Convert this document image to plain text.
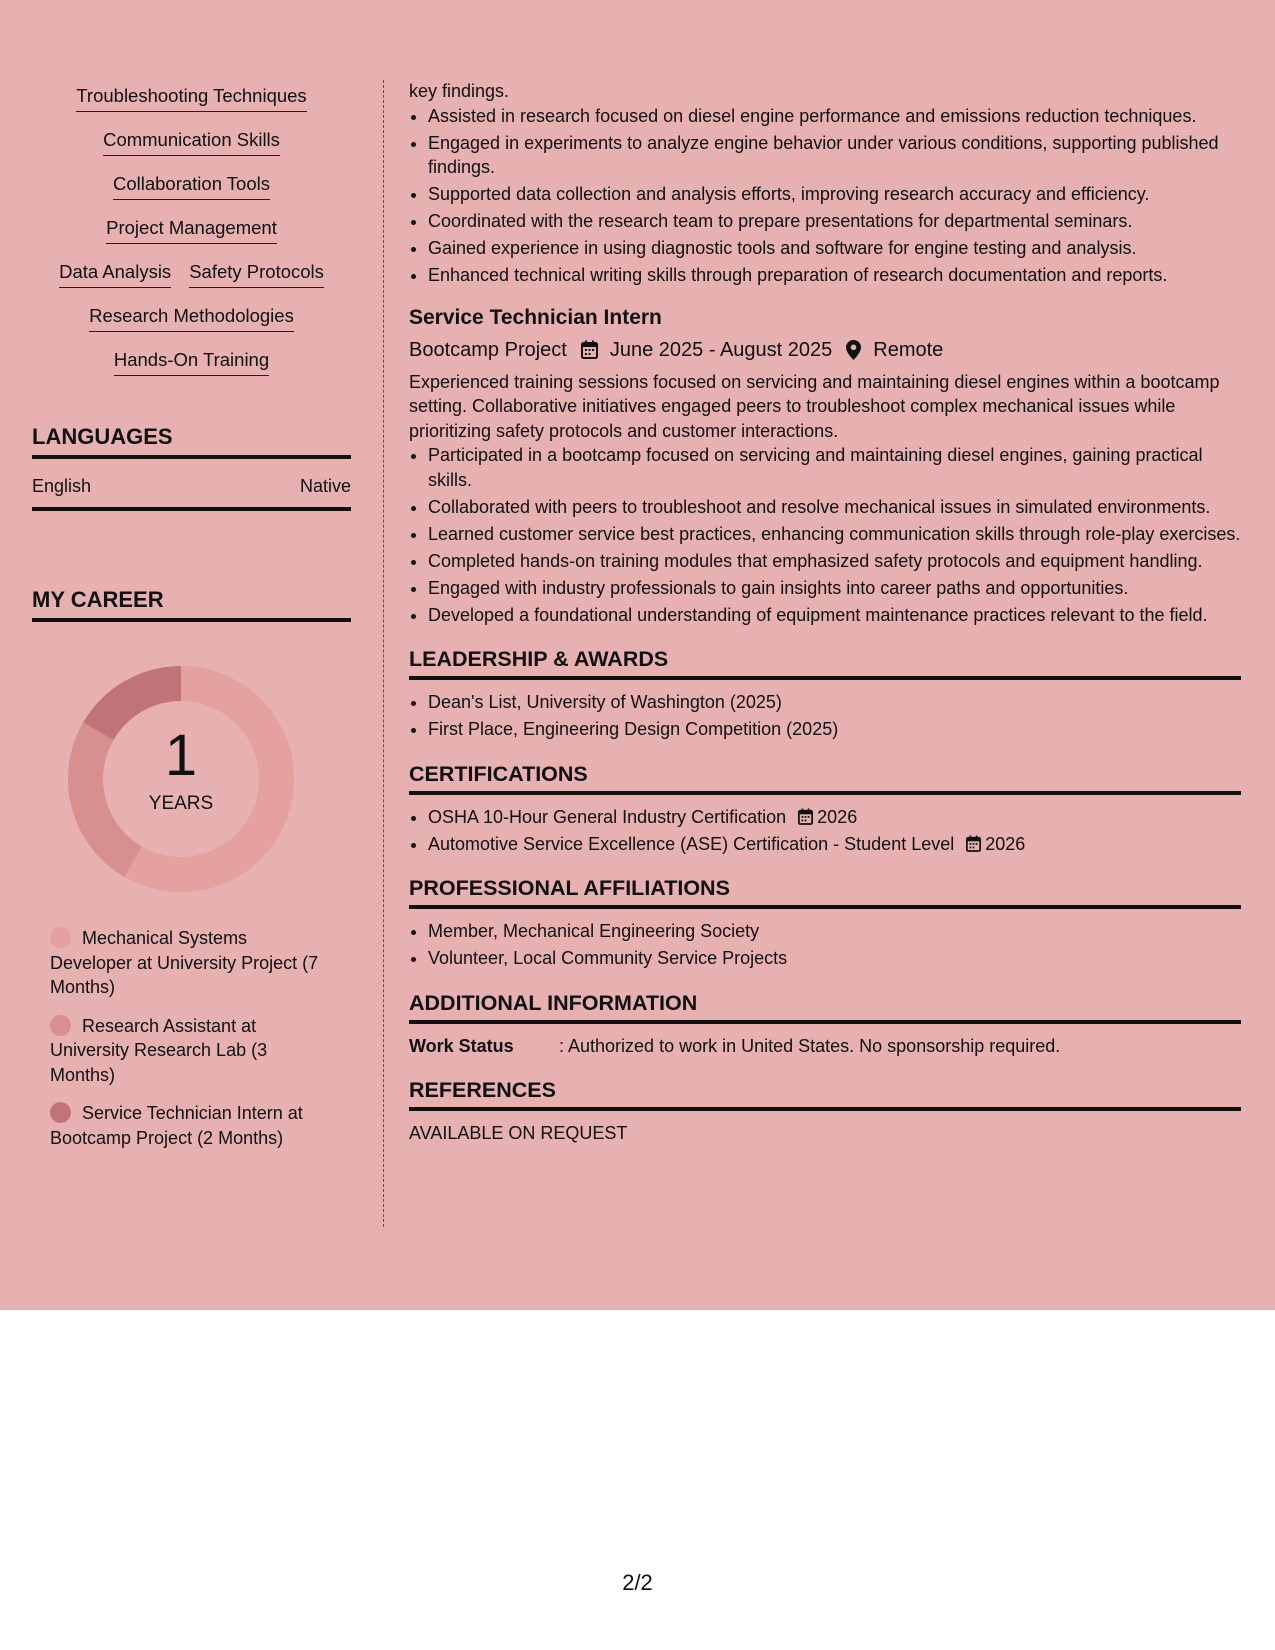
Troubleshooting Techniques
Communication Skills
Collaboration Tools
Project Management
Data Analysis Safety Protocols
Research Methodologies
Hands-On Training
LANGUAGES
English	Native
MY CAREER
1
YEARS
Mechanical Systems Developer at University Project (7 Months)
Research Assistant at University Research Lab (3 Months)
Service Technician Intern at Bootcamp Project (2 Months)

key findings.

• Assisted in research focused on diesel engine performance and emissions reduction techniques.
• Engaged in experiments to analyze engine behavior under various conditions, supporting published findings.
• Supported data collection and analysis efforts, improving research accuracy and efficiency.
• Coordinated with the research team to prepare presentations for departmental seminars.
• Gained experience in using diagnostic tools and software for engine testing and analysis.
• Enhanced technical writing skills through preparation of research documentation and reports.
Service Technician Intern
Bootcamp Project June 2025 - August 2025 Remote

Experienced training sessions focused on servicing and maintaining diesel engines within a bootcamp setting. Collaborative initiatives engaged peers to troubleshoot complex mechanical issues while prioritizing safety protocols and customer interactions.

• Participated in a bootcamp focused on servicing and maintaining diesel engines, gaining practical skills.
• Collaborated with peers to troubleshoot and resolve mechanical issues in simulated environments.
• Learned customer service best practices, enhancing communication skills through role-play exercises.
• Completed hands-on training modules that emphasized safety protocols and equipment handling.
• Engaged with industry professionals to gain insights into career paths and opportunities.
• Developed a foundational understanding of equipment maintenance practices relevant to the field.
LEADERSHIP & AWARDS
• Dean's List, University of Washington (2025)
• First Place, Engineering Design Competition (2025)
CERTIFICATIONS
• OSHA 10-Hour General Industry Certification 2026
• Automotive Service Excellence (ASE) Certification - Student Level 2026
PROFESSIONAL AFFILIATIONS
• Member, Mechanical Engineering Society
• Volunteer, Local Community Service Projects
ADDITIONAL INFORMATION
Work Status	: Authorized to work in United States. No sponsorship required.
REFERENCES

AVAILABLE ON REQUEST

2/2
